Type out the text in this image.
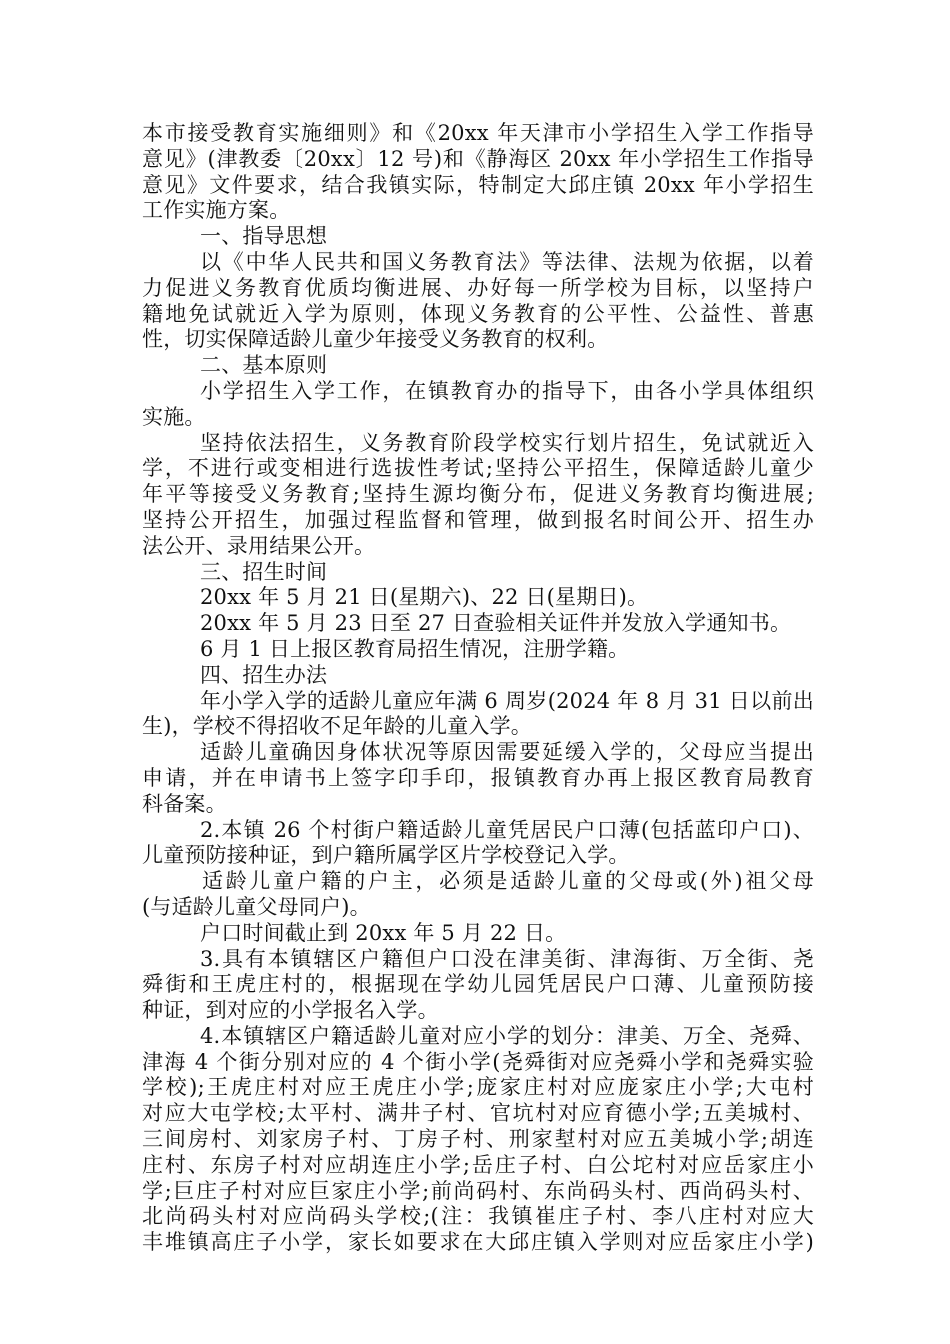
本市接受教育实施细则》和《20xx 年天津市小学招生入学工作指导
意见》(津教委〔20xx〕12 号)和《静海区 20xx 年小学招生工作指导
意见》文件要求，结合我镇实际，特制定大邱庄镇 20xx 年小学招生
工作实施方案。
一、指导思想
以《中华人民共和国义务教育法》等法律、法规为依据，以着
力促进义务教育优质均衡进展、办好每一所学校为目标，以坚持户
籍地免试就近入学为原则，体现义务教育的公平性、公益性、普惠
性，切实保障适龄儿童少年接受义务教育的权利。
二、基本原则
小学招生入学工作，在镇教育办的指导下，由各小学具体组织
实施。
坚持依法招生，义务教育阶段学校实行划片招生，免试就近入
学，不进行或变相进行选拔性考试;坚持公平招生，保障适龄儿童少
年平等接受义务教育;坚持生源均衡分布，促进义务教育均衡进展;
坚持公开招生，加强过程监督和管理，做到报名时间公开、招生办
法公开、录用结果公开。
三、招生时间
20xx 年 5 月 21 日(星期六)、22 日(星期日)。
20xx 年 5 月 23 日至 27 日查验相关证件并发放入学通知书。
6 月 1 日上报区教育局招生情况，注册学籍。
四、招生办法
年小学入学的适龄儿童应年满 6 周岁(2024 年 8 月 31 日以前出
生)，学校不得招收不足年龄的儿童入学。
适龄儿童确因身体状况等原因需要延缓入学的，父母应当提出
申请，并在申请书上签字印手印，报镇教育办再上报区教育局教育
科备案。
2.本镇 26 个村街户籍适龄儿童凭居民户口薄(包括蓝印户口)、
儿童预防接种证，到户籍所属学区片学校登记入学。
适龄儿童户籍的户主，必须是适龄儿童的父母或(外)祖父母
(与适龄儿童父母同户)。
户口时间截止到 20xx 年 5 月 22 日。
3.具有本镇辖区户籍但户口没在津美街、津海街、万全街、尧
舜街和王虎庄村的，根据现在学幼儿园凭居民户口薄、儿童预防接
种证，到对应的小学报名入学。
4.本镇辖区户籍适龄儿童对应小学的划分：津美、万全、尧舜、
津海 4 个街分别对应的 4 个街小学(尧舜街对应尧舜小学和尧舜实验
学校);王虎庄村对应王虎庄小学;庞家庄村对应庞家庄小学;大屯村
对应大屯学校;太平村、满井子村、官坑村对应育德小学;五美城村、
三间房村、刘家房子村、丁房子村、刑家堼村对应五美城小学;胡连
庄村、东房子村对应胡连庄小学;岳庄子村、白公坨村对应岳家庄小
学;巨庄子村对应巨家庄小学;前尚码村、东尚码头村、西尚码头村、
北尚码头村对应尚码头学校;(注：我镇崔庄子村、李八庄村对应大
丰堆镇高庄子小学，家长如要求在大邱庄镇入学则对应岳家庄小学)
